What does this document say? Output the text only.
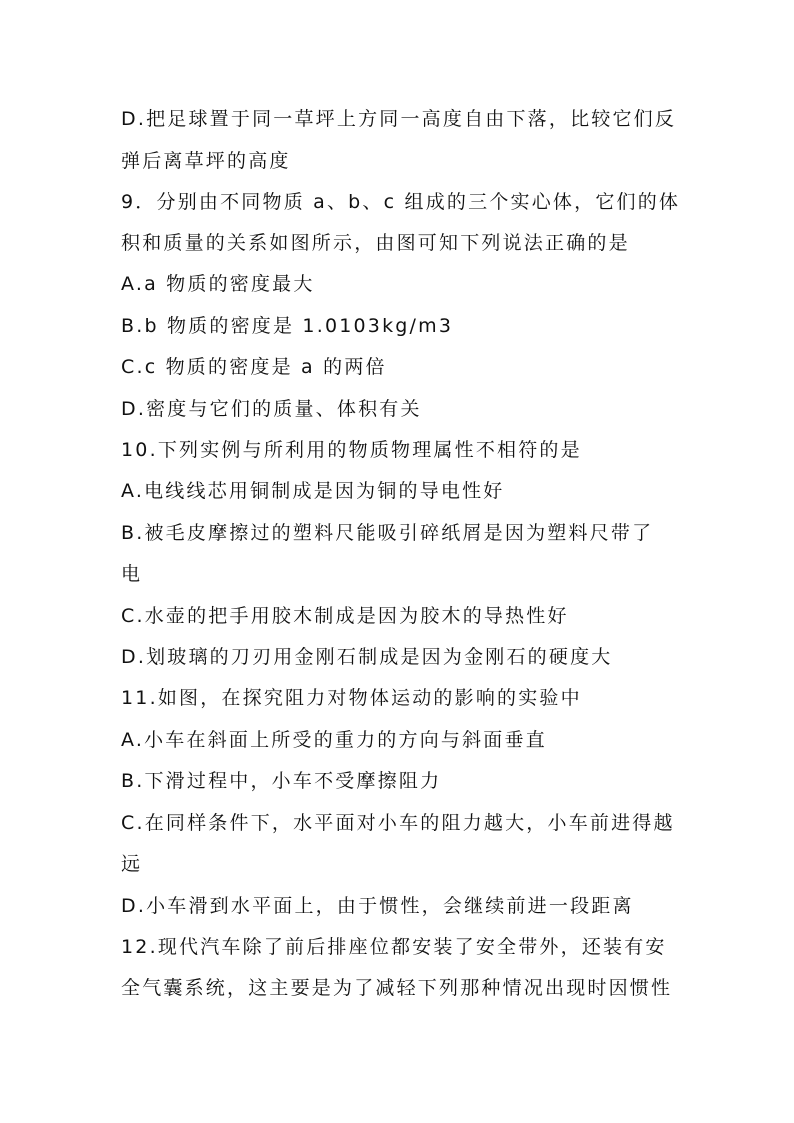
D.把足球置于同一草坪上方同一高度自由下落，比较它们反
弹后离草坪的高度
9．分别由不同物质 a、b、c 组成的三个实心体，它们的体
积和质量的关系如图所示，由图可知下列说法正确的是
A.a 物质的密度最大
B.b 物质的密度是 1.0103kg/m3
C.c 物质的密度是 a 的两倍
D.密度与它们的质量、体积有关
10.下列实例与所利用的物质物理属性不相符的是
A.电线线芯用铜制成是因为铜的导电性好
B.被毛皮摩擦过的塑料尺能吸引碎纸屑是因为塑料尺带了
电
C.水壶的把手用胶木制成是因为胶木的导热性好
D.划玻璃的刀刃用金刚石制成是因为金刚石的硬度大
11.如图，在探究阻力对物体运动的影响的实验中
A.小车在斜面上所受的重力的方向与斜面垂直
B.下滑过程中，小车不受摩擦阻力
C.在同样条件下，水平面对小车的阻力越大，小车前进得越
远
D.小车滑到水平面上，由于惯性，会继续前进一段距离
12.现代汽车除了前后排座位都安装了安全带外，还装有安
全气囊系统，这主要是为了减轻下列那种情况出现时因惯性
